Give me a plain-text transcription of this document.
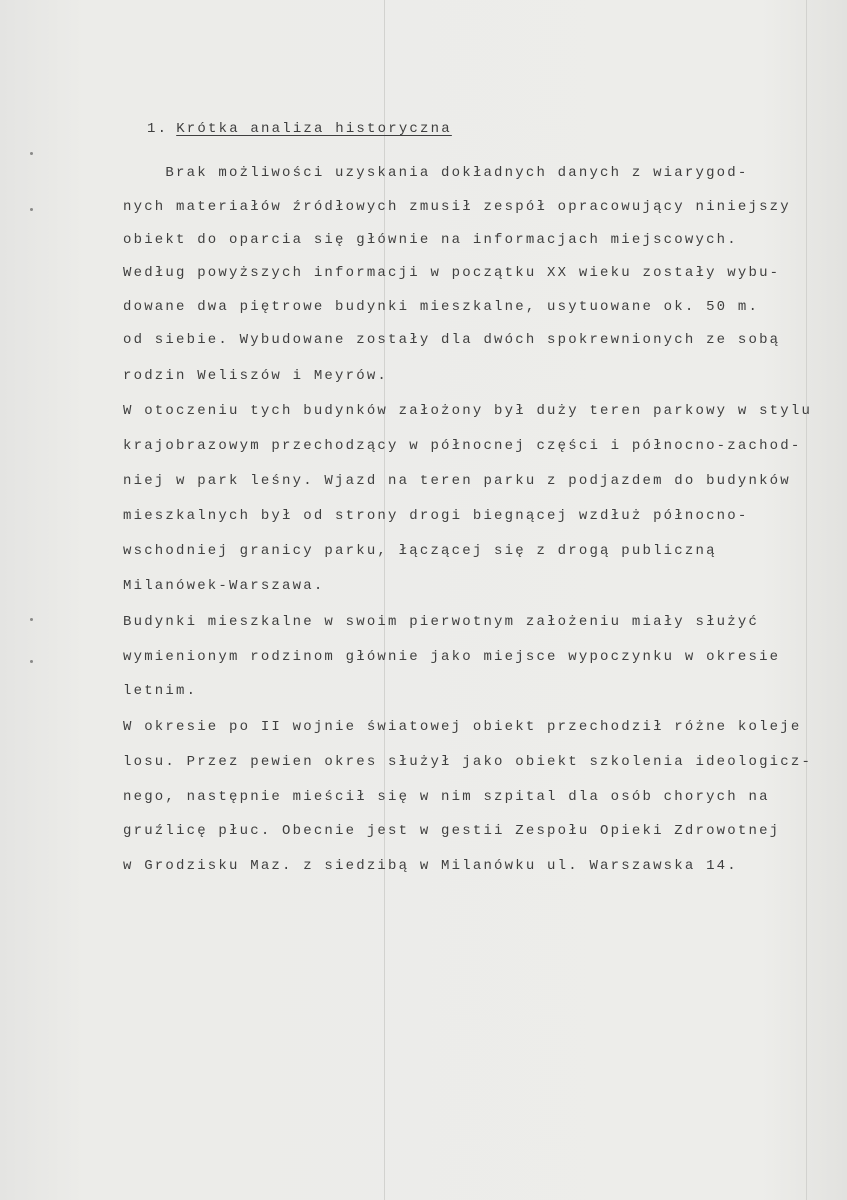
1. Krótka analiza historyczna
Brak możliwości uzyskania dokładnych danych z wiarygod-
nych materiałów źródłowych zmusił zespół opracowujący niniejszy
obiekt do oparcia się głównie na informacjach miejscowych.
Według powyższych informacji w początku XX wieku zostały wybu-
dowane dwa piętrowe budynki mieszkalne, usytuowane ok. 50 m.
od siebie. Wybudowane zostały dla dwóch spokrewnionych ze sobą
rodzin Weliszów i Meyrów.
W otoczeniu tych budynków założony był duży teren parkowy w stylu
krajobrazowym przechodzący w północnej części i północno-zachod-
niej w park leśny. Wjazd na teren parku z podjazdem do budynków
mieszkalnych był od strony drogi biegnącej wzdłuż północno-
wschodniej granicy parku, łączącej się z drogą publiczną
Milanówek-Warszawa.
Budynki mieszkalne w swoim pierwotnym założeniu miały służyć
wymienionym rodzinom głównie jako miejsce wypoczynku w okresie
letnim.
W okresie po II wojnie światowej obiekt przechodził różne koleje
losu. Przez pewien okres służył jako obiekt szkolenia ideologicz-
nego, następnie mieścił się w nim szpital dla osób chorych na
gruźlicę płuc. Obecnie jest w gestii Zespołu Opieki Zdrowotnej
w Grodzisku Maz. z siedzibą w Milanówku ul. Warszawska 14.
